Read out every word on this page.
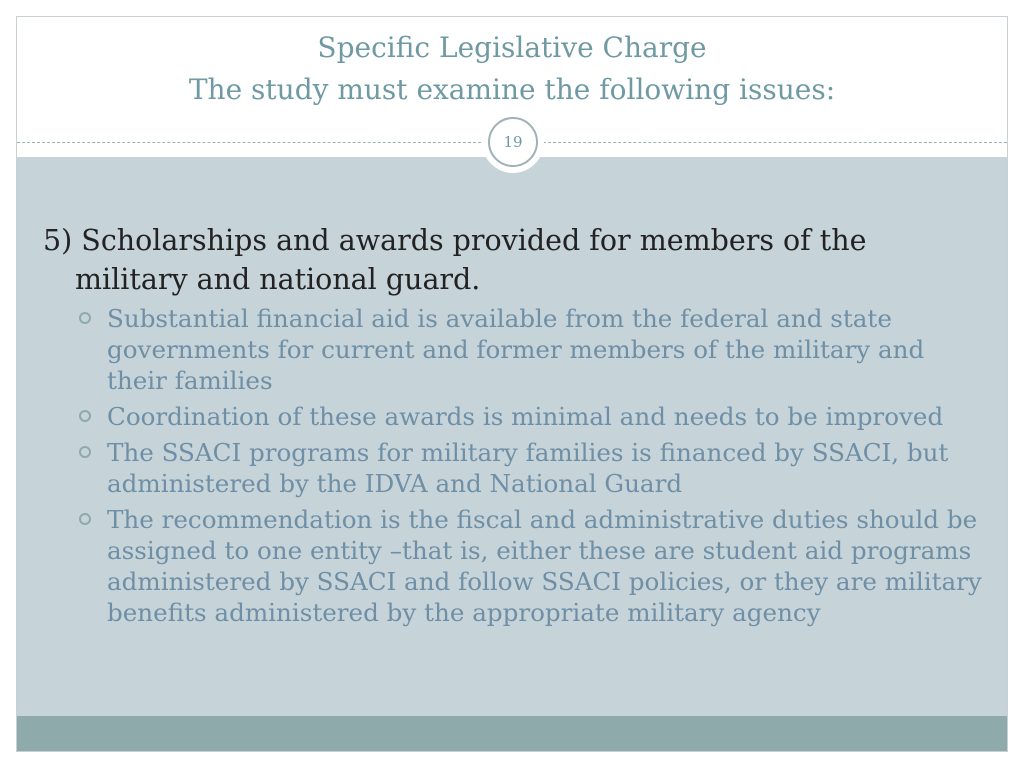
Specific Legislative Charge
The study must examine the following issues:
19

5) Scholarships and awards provided for members of the military and national guard.

Substantial financial aid is available from the federal and state governments for current and former members of the military and their families
Coordination of these awards is minimal and needs to be improved
The SSACI programs for military families is financed by SSACI, but administered by the IDVA and National Guard
The recommendation is the fiscal and administrative duties should be assigned to one entity –that is, either these are student aid programs administered by SSACI and follow SSACI policies, or they are military benefits administered by the appropriate military agency
